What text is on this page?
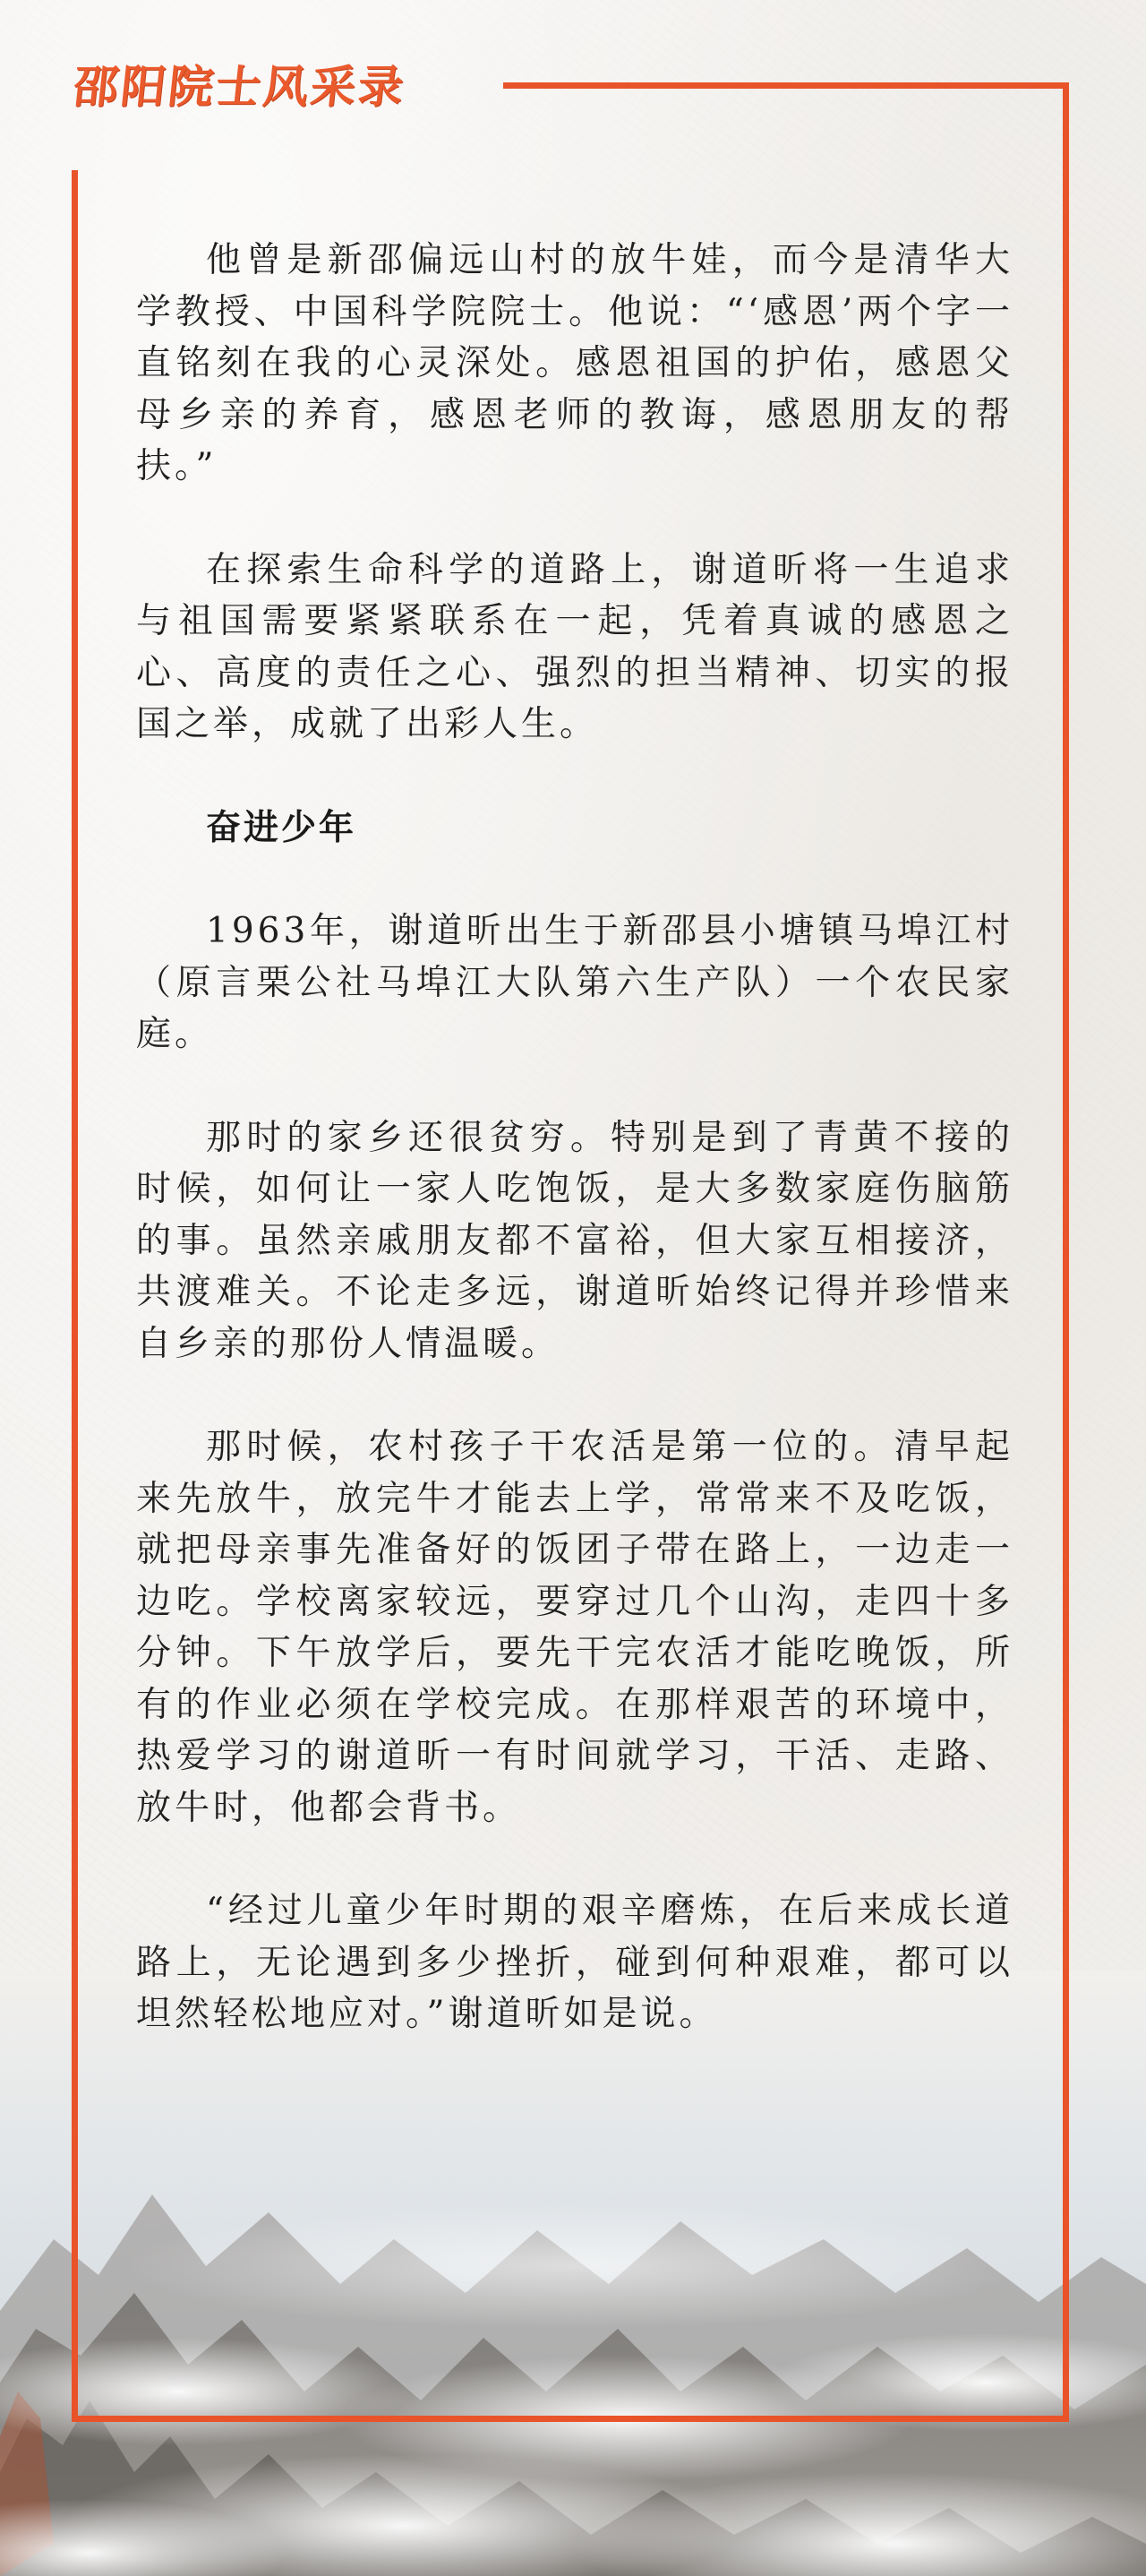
邵阳院士风采录

他曾是新邵偏远山村的放牛娃，而今是清华大学教授、中国科学院院士。他说：“‘感恩’两个字一直铭刻在我的心灵深处。感恩祖国的护佑，感恩父母乡亲的养育，感恩老师的教诲，感恩朋友的帮扶。”

在探索生命科学的道路上，谢道昕将一生追求与祖国需要紧紧联系在一起，凭着真诚的感恩之心、高度的责任之心、强烈的担当精神、切实的报国之举，成就了出彩人生。

奋进少年

1963年，谢道昕出生于新邵县小塘镇马埠江村（原言栗公社马埠江大队第六生产队）一个农民家庭。

那时的家乡还很贫穷。特别是到了青黄不接的时候，如何让一家人吃饱饭，是大多数家庭伤脑筋的事。虽然亲戚朋友都不富裕，但大家互相接济，共渡难关。不论走多远，谢道昕始终记得并珍惜来自乡亲的那份人情温暖。

那时候，农村孩子干农活是第一位的。清早起来先放牛，放完牛才能去上学，常常来不及吃饭，就把母亲事先准备好的饭团子带在路上，一边走一边吃。学校离家较远，要穿过几个山沟，走四十多分钟。下午放学后，要先干完农活才能吃晚饭，所有的作业必须在学校完成。在那样艰苦的环境中，热爱学习的谢道昕一有时间就学习，干活、走路、放牛时，他都会背书。

“经过儿童少年时期的艰辛磨炼，在后来成长道路上，无论遇到多少挫折，碰到何种艰难，都可以坦然轻松地应对。”谢道昕如是说。
